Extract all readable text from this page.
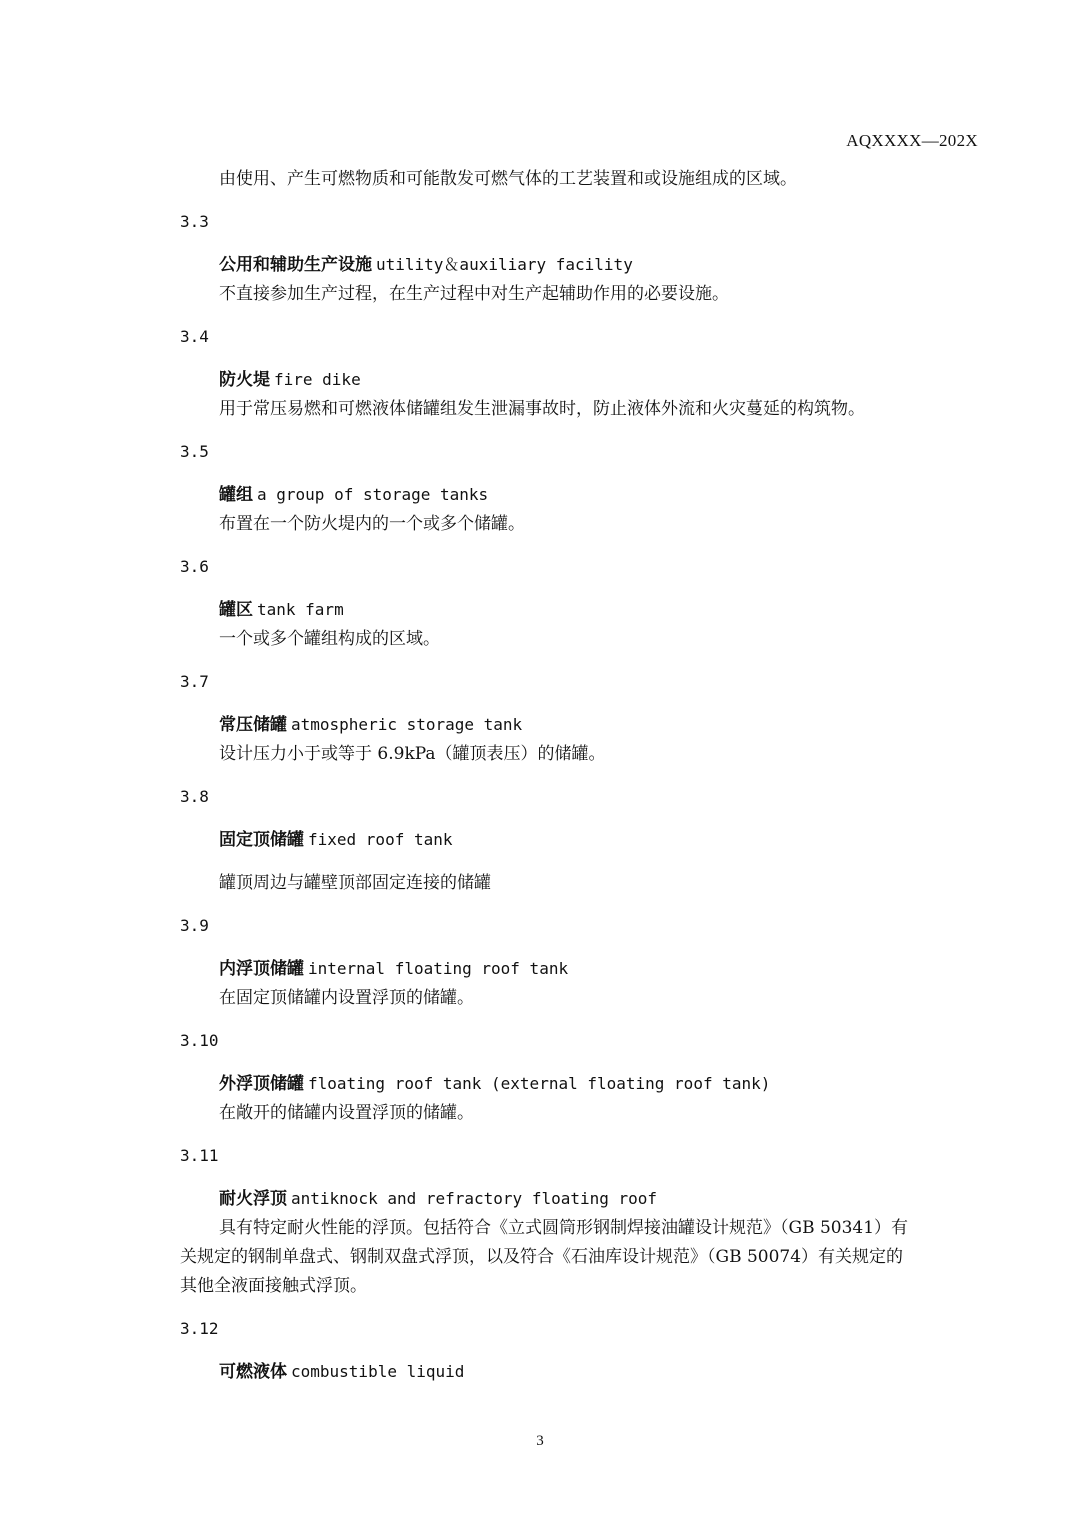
AQXXXX—202X
由使用、产生可燃物质和可能散发可燃气体的工艺装置和或设施组成的区域。
3.3
公用和辅助生产设施 utility＆auxiliary facility
不直接参加生产过程，在生产过程中对生产起辅助作用的必要设施。
3.4
防火堤 fire dike
用于常压易燃和可燃液体储罐组发生泄漏事故时，防止液体外流和火灾蔓延的构筑物。
3.5
罐组 a group of storage tanks
布置在一个防火堤内的一个或多个储罐。
3.6
罐区 tank farm
一个或多个罐组构成的区域。
3.7
常压储罐 atmospheric storage tank
设计压力小于或等于 6.9kPa（罐顶表压）的储罐。
3.8
固定顶储罐 fixed roof tank
罐顶周边与罐壁顶部固定连接的储罐
3.9
内浮顶储罐 internal floating roof tank
在固定顶储罐内设置浮顶的储罐。
3.10
外浮顶储罐 floating roof tank (external floating roof tank)
在敞开的储罐内设置浮顶的储罐。
3.11
耐火浮顶 antiknock and refractory floating roof
具有特定耐火性能的浮顶。包括符合《立式圆筒形钢制焊接油罐设计规范》（GB 50341）有
关规定的钢制单盘式、钢制双盘式浮顶，以及符合《石油库设计规范》（GB 50074）有关规定的
其他全液面接触式浮顶。
3.12
可燃液体 combustible liquid
3
